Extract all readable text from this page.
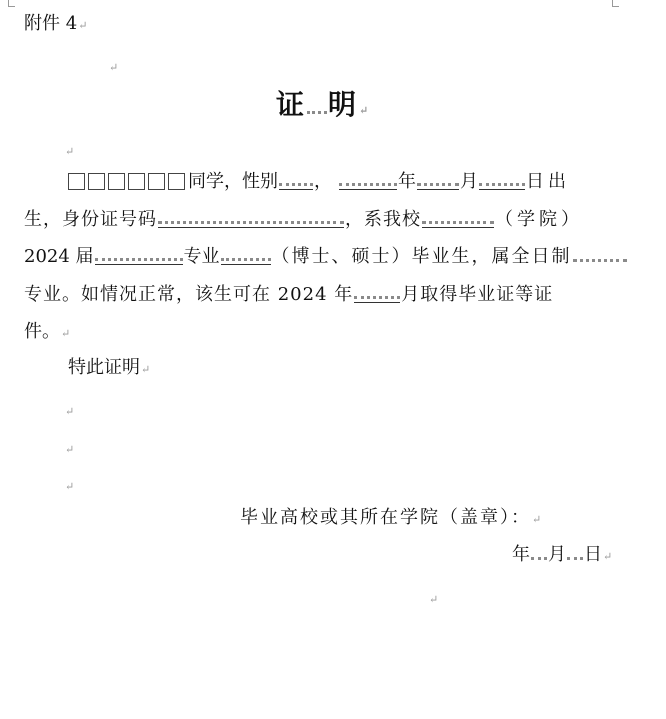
附件 4↵
↵
证 明↵
↵
同学，性别 ，	年 月	日出
生，身份证号码	，系我校	（学院）
2024 届	专业	（博士、硕士）毕业生，属全日制
专业。如情况正常，该生可在 2024 年	月取得毕业证等证
件。↵
特此证明↵
↵
↵
↵
毕业高校或其所在学院（盖章）：↵
年 月 日↵
↵
